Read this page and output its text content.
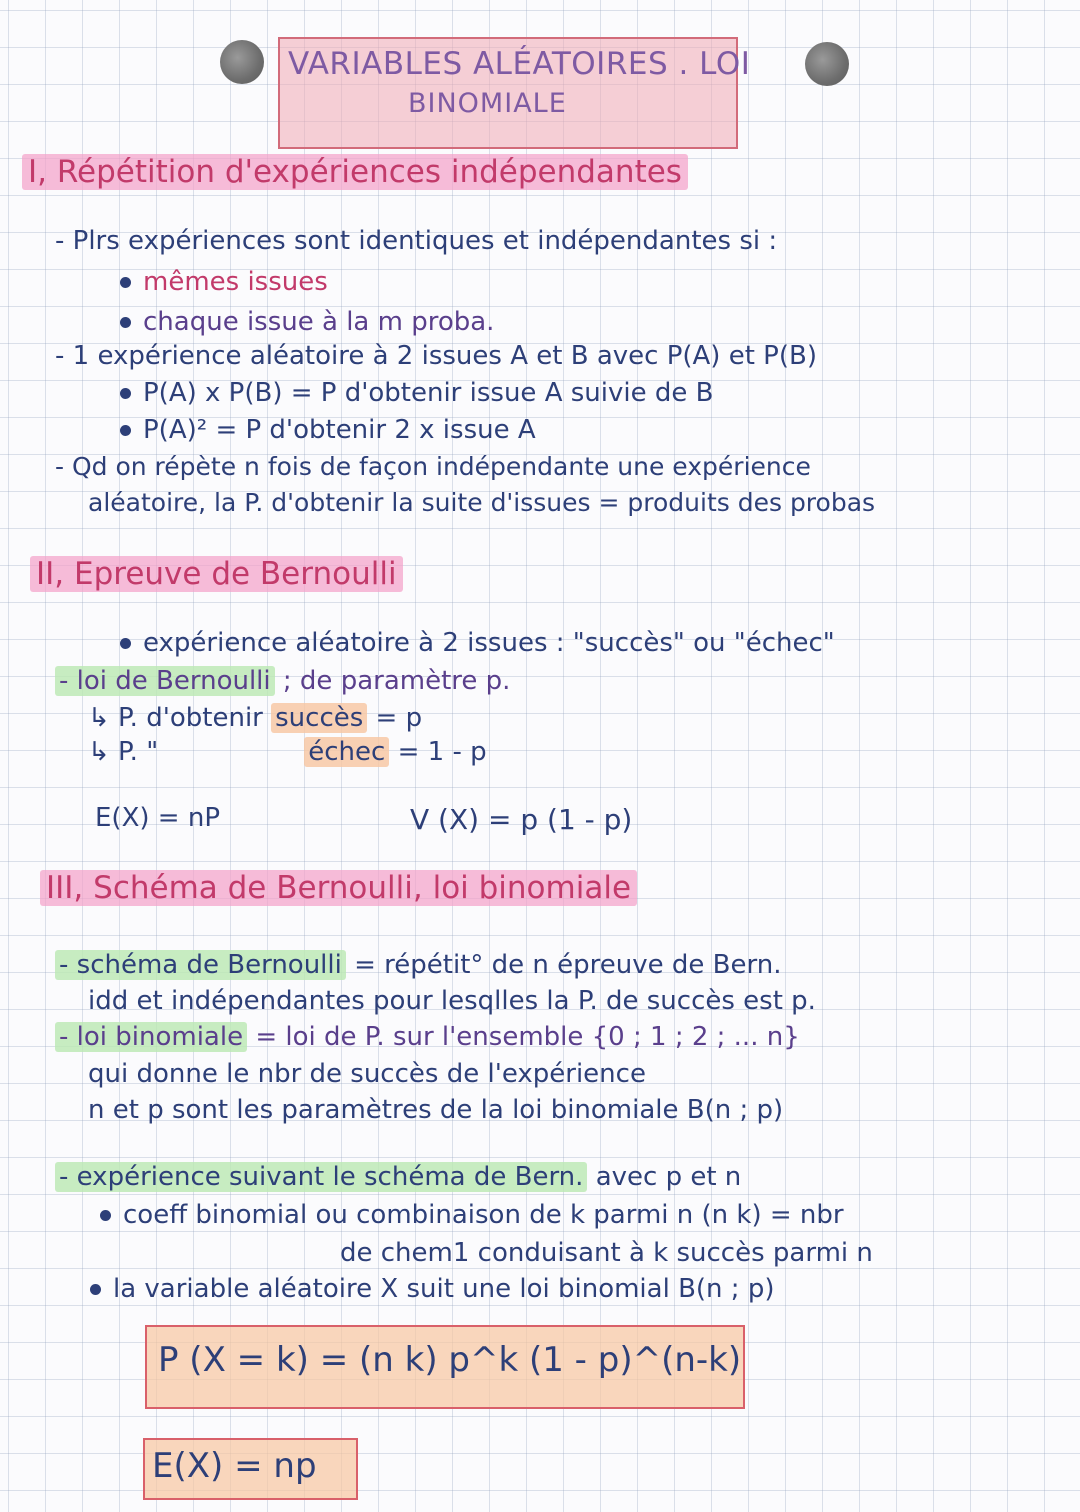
VARIABLES ALÉATOIRES . LOI
BINOMIALE
I, Répétition d'expériences indépendantes
- Plrs expériences sont identiques et indépendantes si :
mêmes issues
chaque issue à la m proba.
- 1 expérience aléatoire à 2 issues A et B avec P(A) et P(B)
P(A) x P(B) = P d'obtenir issue A suivie de B
P(A)² = P d'obtenir 2 x issue A
- Qd on répète n fois de façon indépendante une expérience
aléatoire, la P. d'obtenir la suite d'issues = produits des probas
II, Epreuve de Bernoulli
expérience aléatoire à 2 issues : "succès" ou "échec"
- loi de Bernoulli ; de paramètre p.
↳ P. d'obtenir succès = p
↳ P. "	échec = 1 - p
E(X) = nP	V (X) = p (1 - p)
III, Schéma de Bernoulli, loi binomiale
- schéma de Bernoulli = répétit° de n épreuve de Bern.
idd et indépendantes pour lesqlles la P. de succès est p.
- loi binomiale = loi de P. sur l'ensemble {0 ; 1 ; 2 ; ... n}
qui donne le nbr de succès de l'expérience
n et p sont les paramètres de la loi binomiale B(n ; p)
- expérience suivant le schéma de Bern. avec p et n
coeff binomial ou combinaison de k parmi n (n k) = nbr
de chem1 conduisant à k succès parmi n
la variable aléatoire X suit une loi binomial B(n ; p)
P (X = k) = (n k) p^k (1 - p)^(n-k)
E(X) = np
